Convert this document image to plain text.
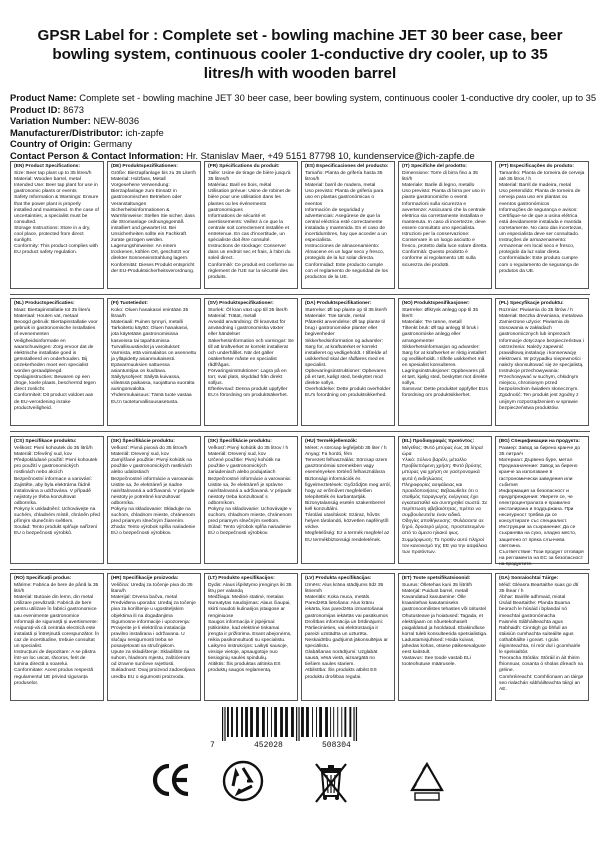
GPSR Label for : Complete set - bowling machine JET 30 beer case, beer bowling system, continuous cooler 1-conductive dry cooler, up to 35 litres/h with wooden barrel
Product Name: Complete set - bowling machine JET 30 beer case, beer bowling system, continuous cooler 1-conductive dry cooler, up to 35
Product ID: 8673
Variation Number: NEW-8036
Manufacturer/Distributor: ich-zapfe
Country of Origin: Germany
Contact Person & Contact Information: Hr. Stanislav Maer, +49 5151 87798 10, kundenservice@ich-zapfe.de
(EN) Product Specifications:
Size: Beer tap plant up to 35 litres/h
Material: Wooden barrel, metal
Intended Use: Beer tap plant for use in gastronomic plants or events
Safety Information & Warnings: Ensure that the power plant is properly installed and maintained. In the case of uncertainties, a specialist must be consulted.
Storage Instructions: Store in a dry, cool place, protected from direct sunlight.
Conformity: This product complies with EU product safety regulation.
(DE) Produktspezifikationen:
Größe: Bierzapfanlage bis zu 35 Liter/h
Material: Holzfass, Metall
Vorgesehene Verwendung: Bierzapfanlage zum Einsatz in gastronomischen Betrieben oder Veranstaltungen
Sicherheitsinformationen & Warnhinweise: Stellen Sie sicher, dass die Stromanlage ordnungsgemäß installiert und gewartet ist. Bei Unsicherheiten sollte ein Fachkraft zurate gezogen werden.
Lagerungshinweise: An einem trockenen, kühlen Ort, geschützt vor direkter Sonneneinstrahlung lagern.
Konformität: Dieses Produkt entspricht der EU-Produktsicherheitsverordnung.
(FR) Spécifications du produit:
Taille: Usine de tirage de bière jusqu'à 35 litres/h
Matériau: Baril en bois, métal
Utilisation prévue: Usine de robinet de bière pour une utilisation dans les plantes ou les événements gastronomiques
Informations de sécurité et avertissements: Veillez à ce que la centrale soit correctement installée et entretenue. En cas d'incertitude, un spécialiste doit être consulté.
Instructions de stockage: Conserver dans un endroit sec et frais, à l'abri du soleil direct.
Conformité: Ce produit est conforme au règlement de l'UE sur la sécurité des produits.
(ES) Especificaciones del producto:
Tamaño: Planta de grifería hasta 35 litros/h
Material: barril de madera, metal
Uso previsto: Planta de grifería para uso en plantas gastronómicas o eventos
Información de seguridad y advertencias: Asegúrese de que la central eléctrica esté correctamente instalada y mantenida. En el caso de incertidumbres, hay que acceder a un especialista.
Instrucciones de almacenamiento: Almacene en un lugar seco y fresco, protegido de la luz solar directa.
Conformidad: Este producto cumple con el reglamento de seguridad de los productos de la UE.
(IT) Specifiche del prodotto:
Dimensione: Torre di birra fino a 35 litri/h
Materiale: Barile di legno, metallo
Uso previsto: Pianta di birra per uso in piante gastronomiche o eventi
Informazioni sulla sicurezza e avvertenze: Assicurarsi che la centrale elettrica sia correttamente installata e mantenuta. In caso di incertezze, deve essere consultato uno specialista.
Istruzioni per la conservazione: Conservare in un luogo asciutto e fresco, protetto dalla luce solare diretta.
Conformità: Questo prodotto è conforme al regolamento UE sulla sicurezza dei prodotti.
(PT) Especificações do produto:
Tamanho: Planta de torneira de cerveja até 35 litros / h
Material: Barril de madeira, metal
Uso pretendido: Planta de torneira de cerveja para uso em plantas ou eventos gastronómicos
Informações de segurança e avisos: Certifique-se de que a usina elétrica está devidamente instalada e mantida corretamente. No caso das incertezas, um especialista deve ser consultado.
Instruções de armazenamento: Armazenar em local seco e fresco, protegido da luz solar direta.
Conformidade: Este produto cumpre com o regulamento de segurança de produtos da UE.
(NL) Productspecificaties:
Maat: Biertapinstallatie tot 35 liter/u
Materiaal: Houten vat, metaal
Beoogd gebruik: Biertapinstallatie voor gebruik in gastronomische installaties of evenementen
Veiligheidsinformatie en waarschuwingen: Zorg ervoor dat de elektrische installatie goed is geïnstalleerd en onderhouden. Bij onzekerheden moet een specialist worden geraadpleegd.
Opslaginstructies: Bewaren op een droge, koele plaats, beschermd tegen direct zonlicht.
Conformiteit: Dit product voldoet aan de EU-verordening inzake productveiligheid.
(FI) Tuotetiedot:
Koko: Oluen hanakasvi enintään 35 litraa/h
Materiaali: Puinen tynnyri, metalli
Tarkoitettu käyttö: Oluen hanakasvi, jota käytetään gastronomisissa kasveissa tai tapahtumissa
Turvallisuustiedot ja varoitukset: Varmista, että voimalaitos on asennettu ja ylläpidetty asianmukaisesti. Epävarmuuksien sattuessa asiantuntijaa on kuultava.
Säilytysohjeet: Säilytä kuivassa, viileässä paikassa, suojattuna suoralta auringonvalolta.
Yhdenmukaisuus: Tämä tuote vastaa EU:n tuoteturvallisuusasetusta.
(SV) Produktspecifikationer:
Storlek: Öl kran växt upp till 35 liter/h
Material: Trätat, metall
Avsedd användning: Öl kranväxt för användning i gastronomiska växter eller händelser
Säkerhetsinformation och varningar: Se till att kraftverket är korrekt installerat och underhållet. När det gäller osäkerheter måste en specialist rådfrågas.
Förvaringsinstruktioner: Lagra på en torr, sval plats, skyddad från direkt solljus.
Efterlevnad: Denna produkt uppfyller EU:s förordning om produktsäkerhet.
(DA) Produktspecifikationer:
Størrelse: Øl tap plante op til 35 liter/h
Materiale: Træ tønde, metal
Påtænkt anvendelse: Øl tap plante til brug i gastronomiske planter eller begivenheder
Sikkerhedsinformation og advarsler: Sørg for, at kraftværket er korrekt installeret og vedligeholdt. I tilfælde af usikkerhed skal der rådføres med en specialist.
Opbevaringsinstruktioner: Opbevares på et tørt, køligt sted, beskyttet mod direkte sollys.
Overholdelse: Dette produkt overholder EU's forordning om produktsikkerhed.
(NO) Produktspesifikasjoner:
Størrelse: Ølkrysk anlegg opp til 35 liter/t
Materiale: Tre tønne, metall
Tiltenkt bruk: Øl tap anlegg til bruk i gastronomiske anlegg eller arrangementer
Sikkerhetsinformasjon og advarsler: Sørg for at kraftverket er riktig installert og vedlikeholdt. I tilfelle usikkerhet må en spesialist konsulteres.
Lagringsinstruksjoner: Oppbevares på et tørt, kjølig sted, beskyttet mot direkte sollys.
Samsvar: Dette produktet oppfyller EUs forordning om produktsikkerhet.
(PL) Specyfikacje produktu:
Rozmiar: Piwiarnia do 35 litrów / h
Materiał: Beczka drewniana, metalowa
Zamierzone użycie: Piwiarnia do stosowania w zakładach gastronomicznych lub imprezach
Informacje dotyczące bezpieczeństwa i ostrzeżenia: Należy zapewnić prawidłową instalację i konserwację elektrowni. W przypadku niepewności należy skonsultować się ze specjalistą.
Instrukcje przechowywania: Przechowywać w suchym, chłodnym miejscu, chronionym przed bezpośrednim światłem słonecznym.
Zgodność: Ten produkt jest zgodny z unijnym rozporządzeniem w sprawie bezpieczeństwa produktów.
(CS) Specifikace produktu:
Velikost: Pivní kohoutek do 35 litrů/h
Materiál: Dřevěný sud, kov
Předpokládané použití: Pivní kohoutek pro použití v gastronomických rostlinách nebo akcích
Bezpečnostní informace a varování: Zajistěte, aby byla elektrárna řádně instalována a udržována. V případě nejistoty je třeba konzultovat odborníka.
Pokyny k uskladnění: Uchovávejte na suchém, chladném místě, chráněn před přímým slunečním světlem.
Soulad: Tento produkt splňuje nařízení EU o bezpečnosti výrobků.
(SK) Špecifikácie produktu:
Veľkosť: Pivná pivová do 35 litrov/h
Materiál: Drevený sud, kov
Zamýšľané použitie: Pivný kohútik na použitie v gastronomických rastlinách alebo udalostiach
Bezpečnostné informácie a varovania: Uistite sa, že elektráreň je riadne nainštalovaná a udržiavaná. V prípade neistoty je potrebné konzultovať odborníka.
Pokyny na skladovanie: Skladujte na suchom, chladnom mieste, chránenom pred priamym slnečným žiarením.
Zhoda: Tento výrobok spĺňa nariadenie EÚ o bezpečnosti výrobkov.
(SK) Špecifikácie produktu:
Veľkosť: Pivný kohútik do 35 litrov / h
Materiál: Drevený sud, kov
Určené použitie: Pivný kohútik na použitie v gastronomických zariadeniach alebo podujatiach
Bezpečnostné informácie a varovania: Uistite sa, že elektráreň je správne nainštalovaná a udržiavaná. V prípade neistoty treba konzultovať s odborníkom.
Pokyny na skladovanie: Uchovávajte v suchom, chladnom mieste, chránenom pred priamym slnečným svetlom.
Súlad: Tento výrobok spĺňa nariadenie EÚ o bezpečnosti výrobkov.
(HU) Termékjellemzők:
Méret: A sörcsap legfeljebb 35 liter / h
Anyag: Fa hordó, fém
Tervezett felhasználás: Sörcsap üzem gasztronómiai üzemekben vagy eseményeken történő felhasználásra
Biztonsági információk és figyelmeztetések: Győződjön meg arról, hogy az erőművet megfelelően telepítették és karbantartják. Bizonytalanság esetén szakemberrel kell konzultálni.
Tárolási utasítások: Száraz, hűvös helyen tárolandó, közvetlen napfénytől védve.
Megfelelőség: Ez a termék megfelel az EU termékbiztonsági rendeletének.
(EL) Προδιαγραφές προϊόντος:
Μέγεθος: Φυτό μπύρας έως 35 λίτρα/ώρα
Υλικό: Ξύλινο βαρέλι, μέταλλο
Προβλεπόμενη χρήση: Φυτό βρύσης μπύρας για χρήση σε γαστρονομικά φυτά ή εκδηλώσεις
Πληροφορίες ασφάλειας και προειδοποιήσεις: Βεβαιωθείτε ότι ο σταθμός παραγωγής ενέργειας έχει εγκατασταθεί και συντηρηθεί σωστά. Σε περίπτωση αβεβαιότητας, πρέπει να συμβουλευτείτε έναν ειδικό.
Οδηγίες αποθήκευσης: Φυλάσσετε σε ξηρό, δροσερό μέρος, προστατευμένο από το άμεσο ηλιακό φως.
Συμμόρφωση: Το προϊόν αυτό πληροί τον κανονισμό της ΕΕ για την ασφάλεια των προϊόντων.
(BG) Спецификации на продукта:
Размер: Завод за бирено кранче до 35 литра/ч
Материал: Дървено буре, метал
Предназначение: Завод за бирено кранче за използване в гастрономически заведения или събития
Информация за безопасност и предупреждения: Уверете се, че електроцентралата е правилно инсталирана и поддържана. При несигурност трябва да се консултирате със специалист.
Инструкции за съхранение: Да се съхранява на сухо, хладно място, защитено от пряка слънчева светлина.
Съответствие: Този продукт отговаря на регламента на ЕС за безопасност на продуктите.
(RO) Specificații produs:
Mărime: Fabrica de bere de până la 35 litri/h
Material: Butoaie din lemn, din metal
Utilizare prevăzută: Fabrică de bere pentru utilizare în fabrici gastronomice sau evenimente gastronomice
Informații de siguranță și avertismente: Asigurați-vă că centrala electrică este instalată și întreținută corespunzător. În caz de incertitudine, trebuie consultat un specialist.
Instrucțiuni de depozitare: A se păstra într-un loc uscat, răcoros, ferit de lumina directă a soarelui.
Conformitate: Acest produs respectă regulamentul UE privind siguranța produselor.
(HR) Specifikacije proizvoda:
Veličina: Uređaj za točenje piva do 35 litara/h
Materijal: Drvena bačva, metal
Predviđena uporaba: Uređaj za točenje piva za korištenje u ugostiteljskim objektima ili na događanjima
Sigurnosne informacije i upozorenja: Provjerite je li električna instalacija pravilno instalirana i održavana. U slučaju nesigurnosti treba se posavjetovati sa stručnjakom.
Upute za skladištenje: Skladištite na suhom, hladnom mjestu, zaštićenom od izravne sunčeve svjetlosti.
Sukladnost: Ovaj proizvod zadovoljava uredbu EU o sigurnosti proizvoda.
(LT) Produkto specifikacijos:
Dydis: Alaus išpilstymo įrenginys iki 35 litrų per valandą
Medžiaga: Medinė statinė, metalas
Numatytas naudojimas: Alaus čiaupai, skirti naudoti kulinarijos įstaigose ar renginiuose
Saugos informacija ir įspėjimai: Įsitikinkite, kad elektrinė tinkamai įrengta ir prižiūrima. Esant abejonėms, reikia pasikonsultuoti su specialistu.
Laikymo instrukcijos: Laikyti sausoje, vėsioje vietoje, apsaugotoje nuo tiesioginių saulės spindulių.
Atitiktis: Šis produktas atitinka ES produktų saugos reglamentą.
(LV) Produkta specifikācijas:
Izmērs: Alus krāna stādījums līdz 35 litriem/h
Materiāls: Koka muca, metāls
Paredzētā lietošana: Alus krānu iekārta, kas paredzēta izmantošanai gastronomijas iekārtās vai pasākumos
Drošības informācija un brīdinājumi: Pārliecinieties, vai elektrostacija ir pareizi uzstādīta un uzturēta. Neskaidrību gadījumā jākonsultējas ar speciālistu.
Glabāšanas norādījumi: Uzglabāt sausā, vēsā vietā, aizsargātā no tiešiem saules stariem.
Atbilstība: Šis produkts atbilst ES produktu drošības regulai.
(ET) Toote spetsifikatsioonid:
Suurus: Õlletehas kuni 35 liitrit/h
Materjal: Puidust barrel, metall
Kavandatud kasutamine: Õlle kraanitehas kasutamiseks gastronoomilistes tehastes või üritustel
Ohutusteave ja hoiatused: Tagada, et elektrijaam on nõuetekohaselt paigaldatud ja hooldatud. Ebakindluse korral tuleb konsulteerida spetsialistiga.
Ladustamisjuhised: Hoida kuivas, jahedas kohas, otsese päikesevalguse eest kaitstult.
Vastavus: See toode vastab ELi tooteohutuse määrusele.
(GA) Sonraíochtaí Táirge:
Méid: Gléasra Beartaithe suas go dtí 35 lítear / h
Ábhar: Bairille adhmaid, miotal
Úsáid Beartaithe: Planda Buama beorach le húsáid i bplandaí nó imeachtaí gastronómacha
Faisnéis Sábháilteachta agus Rabhaidh: Cinntigh go bhfuil an stáisiún cumhachta suiteáilte agus cothabháilte i gceart. I gcás éiginnteachta, ní mór dul i gcomhairle le speisialtóir.
Treoracha Stórála: Stóráil in áit thirim fhionnuar, cosanta ó sholas díreach na gréine.
Comhréireacht: Comhlíonann an táirge seo rialachán sábháilteachta táirgí an AE.
7	452028	508304
